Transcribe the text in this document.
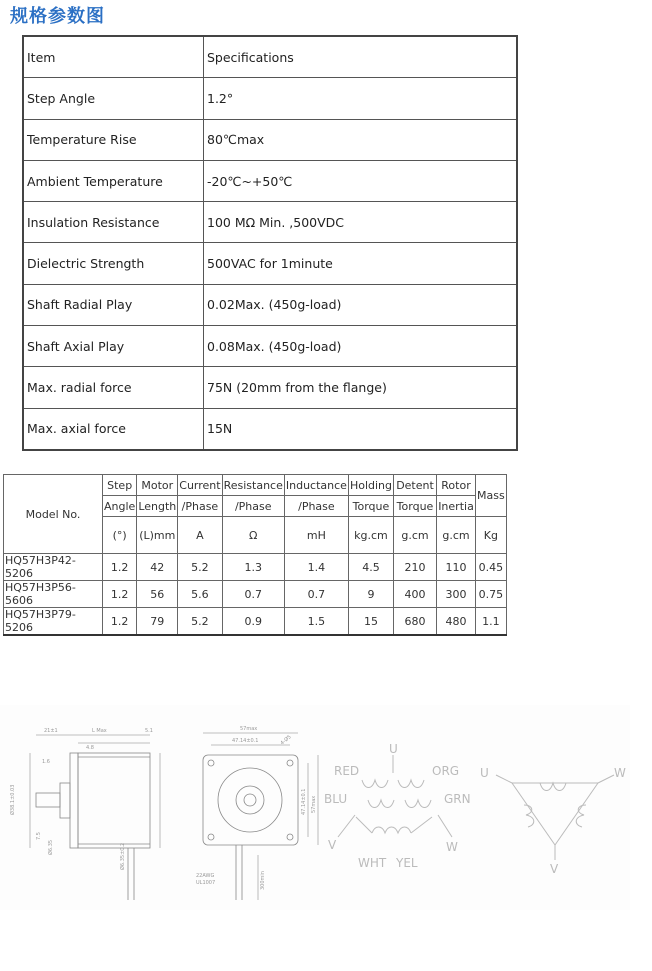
规格参数图
Item	Specifications
Step Angle	1.2°
Temperature Rise	80℃max
Ambient Temperature	-20℃~+50℃
Insulation Resistance	100 MΩ Min. ,500VDC
Dielectric Strength	500VAC for 1minute
Shaft Radial Play	0.02Max. (450g-load)
Shaft Axial Play	0.08Max. (450g-load)
Max. radial force	75N (20mm from the flange)
Max. axial force	15N
Model No.	Step	Motor	Current	Resistance	Inductance	Holding	Detent	Rotor	Mass
	Angle	Length	/Phase	/Phase	/Phase	Torque	Torque	Inertia	
	(°)	(L)mm	A	Ω	mH	kg.cm	g.cm	g.cm	Kg
HQ57H3P42-5206	1.2	42	5.2	1.3	1.4	4.5	210	110	0.45
HQ57H3P56-5606	1.2	56	5.6	0.7	0.7	9	400	300	0.75
HQ57H3P79-5206	1.2	79	5.2	0.9	1.5	15	680	480	1.1
21±1	L Max	5.1
4.8
1.6
Ø38.1±0.03
Ø6.35
7.5
Ø6.35±0.2
57max
47.14±0.1	4-Ø5
47.14±0.1 57max
300min
22AWG
UL1007
U
RED	ORG
BLU	GRN
V	W
WHT YEL
U	W
V
